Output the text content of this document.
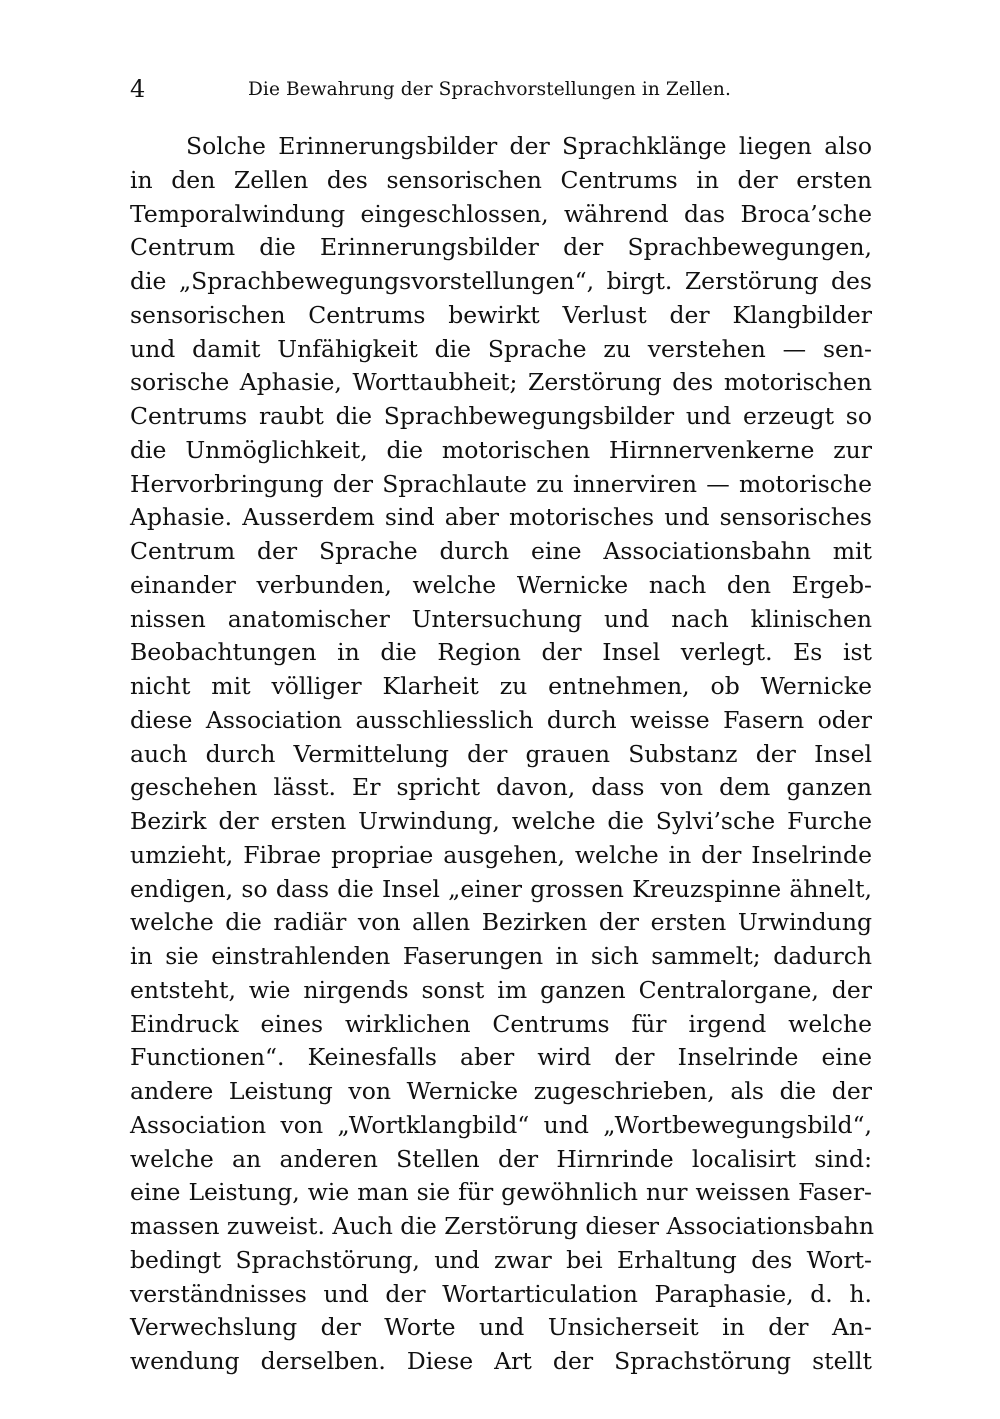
4	Die Bewahrung der Sprachvorstellungen in Zellen.
Solche Erinnerungsbilder der Sprachklänge liegen also
in den Zellen des sensorischen Centrums in der ersten
Temporalwindung eingeschlossen, während das Broca’sche
Centrum die Erinnerungsbilder der Sprachbewegungen,
die „Sprachbewegungsvorstellungen“, birgt. Zerstörung des
sensorischen Centrums bewirkt Verlust der Klangbilder
und damit Unfähigkeit die Sprache zu verstehen — sen-
sorische Aphasie, Worttaubheit; Zerstörung des motorischen
Centrums raubt die Sprachbewegungsbilder und erzeugt so
die Unmöglichkeit, die motorischen Hirnnervenkerne zur
Hervorbringung der Sprachlaute zu innerviren — motorische
Aphasie. Ausserdem sind aber motorisches und sensorisches
Centrum der Sprache durch eine Associationsbahn mit
einander verbunden, welche Wernicke nach den Ergeb-
nissen anatomischer Untersuchung und nach klinischen
Beobachtungen in die Region der Insel verlegt. Es ist
nicht mit völliger Klarheit zu entnehmen, ob Wernicke
diese Association ausschliesslich durch weisse Fasern oder
auch durch Vermittelung der grauen Substanz der Insel
geschehen lässt. Er spricht davon, dass von dem ganzen
Bezirk der ersten Urwindung, welche die Sylvi’sche Furche
umzieht, Fibrae propriae ausgehen, welche in der Inselrinde
endigen, so dass die Insel „einer grossen Kreuzspinne ähnelt,
welche die radiär von allen Bezirken der ersten Urwindung
in sie einstrahlenden Faserungen in sich sammelt; dadurch
entsteht, wie nirgends sonst im ganzen Centralorgane, der
Eindruck eines wirklichen Centrums für irgend welche
Functionen“. Keinesfalls aber wird der Inselrinde eine
andere Leistung von Wernicke zugeschrieben, als die der
Association von „Wortklangbild“ und „Wortbewegungsbild“,
welche an anderen Stellen der Hirnrinde localisirt sind:
eine Leistung, wie man sie für gewöhnlich nur weissen Faser-
massen zuweist. Auch die Zerstörung dieser Associationsbahn
bedingt Sprachstörung, und zwar bei Erhaltung des Wort-
verständnisses und der Wortarticulation Paraphasie, d. h.
Verwechslung der Worte und Unsicherseit in der An-
wendung derselben. Diese Art der Sprachstörung stellt
